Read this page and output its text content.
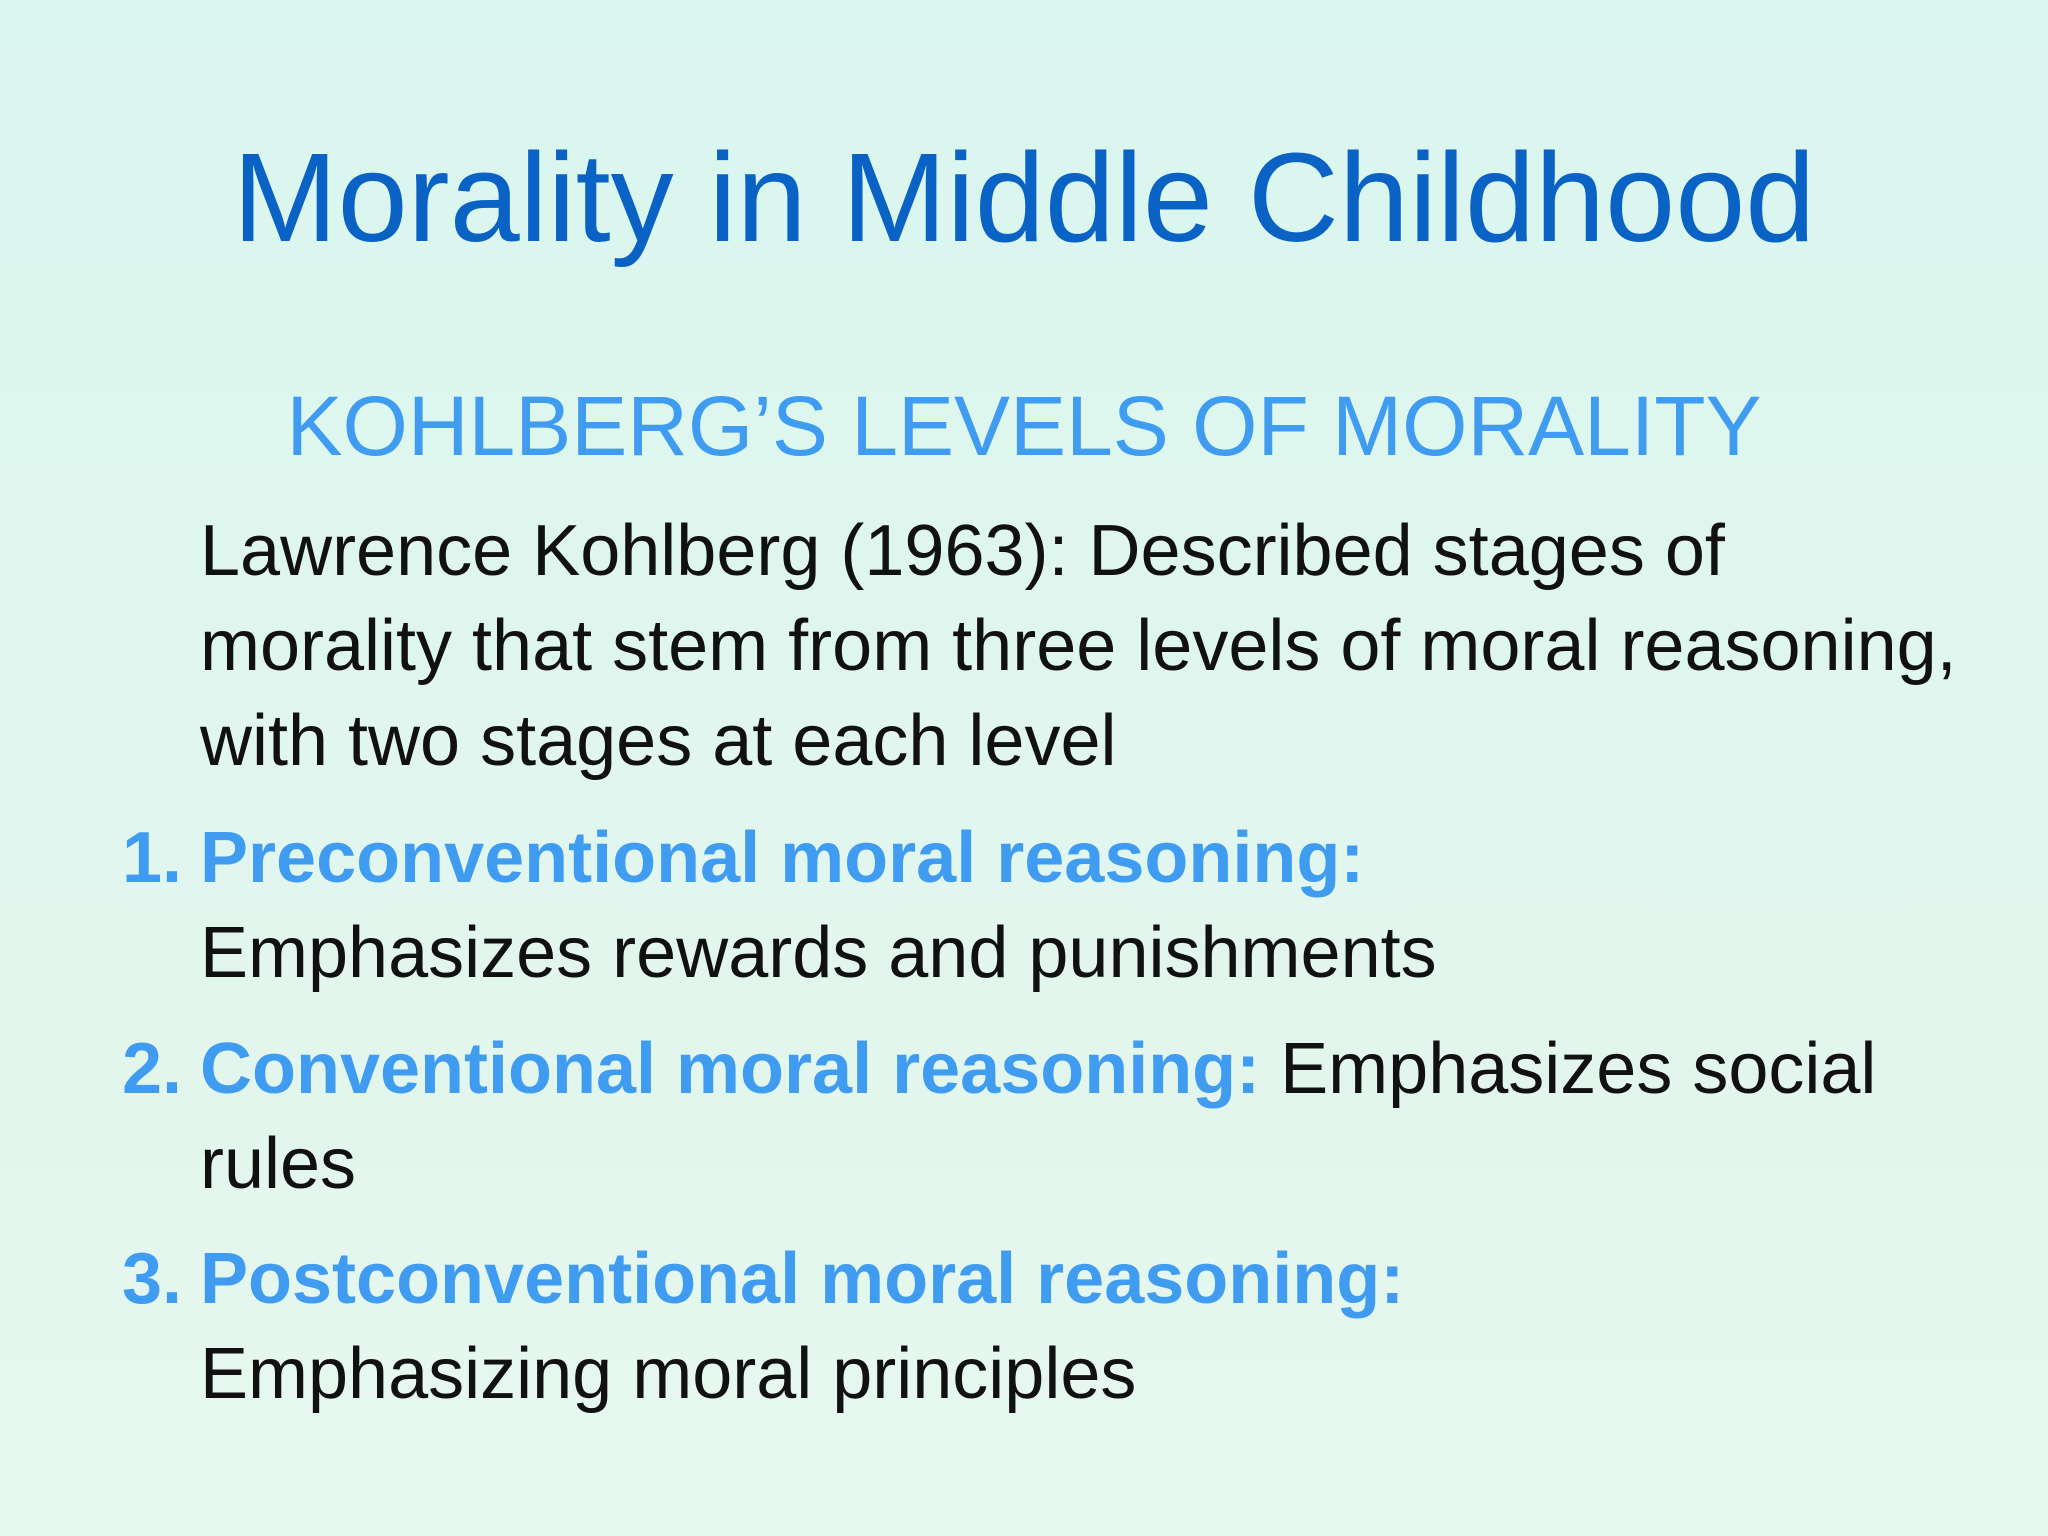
Morality in Middle Childhood
KOHLBERG’S LEVELS OF MORALITY
Lawrence Kohlberg (1963): Described stages of morality that stem from three levels of moral reasoning, with two stages at each level
1. Preconventional moral reasoning:
Emphasizes rewards and punishments
2. Conventional moral reasoning: Emphasizes social rules
3. Postconventional moral reasoning:
Emphasizing moral principles
